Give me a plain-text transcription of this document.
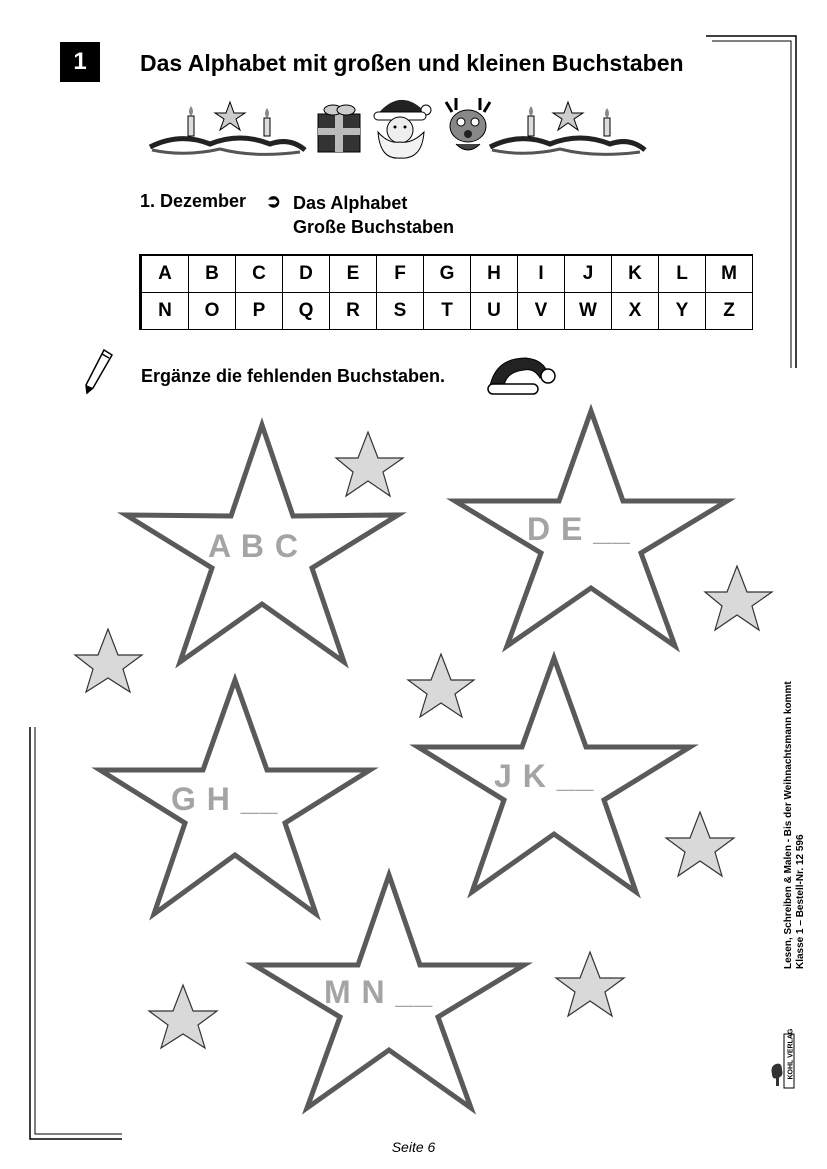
1	Das Alphabet mit großen und kleinen Buchstaben
1. Dezember ➲ Das Alphabet
Große Buchstaben
A	B	C	D	E	F	G	H	I	J	K	L	M
N	O	P	Q	R	S	T	U	V	W	X	Y	Z
Ergänze die fehlenden Buchstaben.
A B C	D E __
G H __
J K __
M N __
Lesen, Schreiben & Malen - Bis der Weihnachtsmann kommt Klasse 1 – Bestell-Nr. 12 596
KOHL VERLAG
Seite 6
